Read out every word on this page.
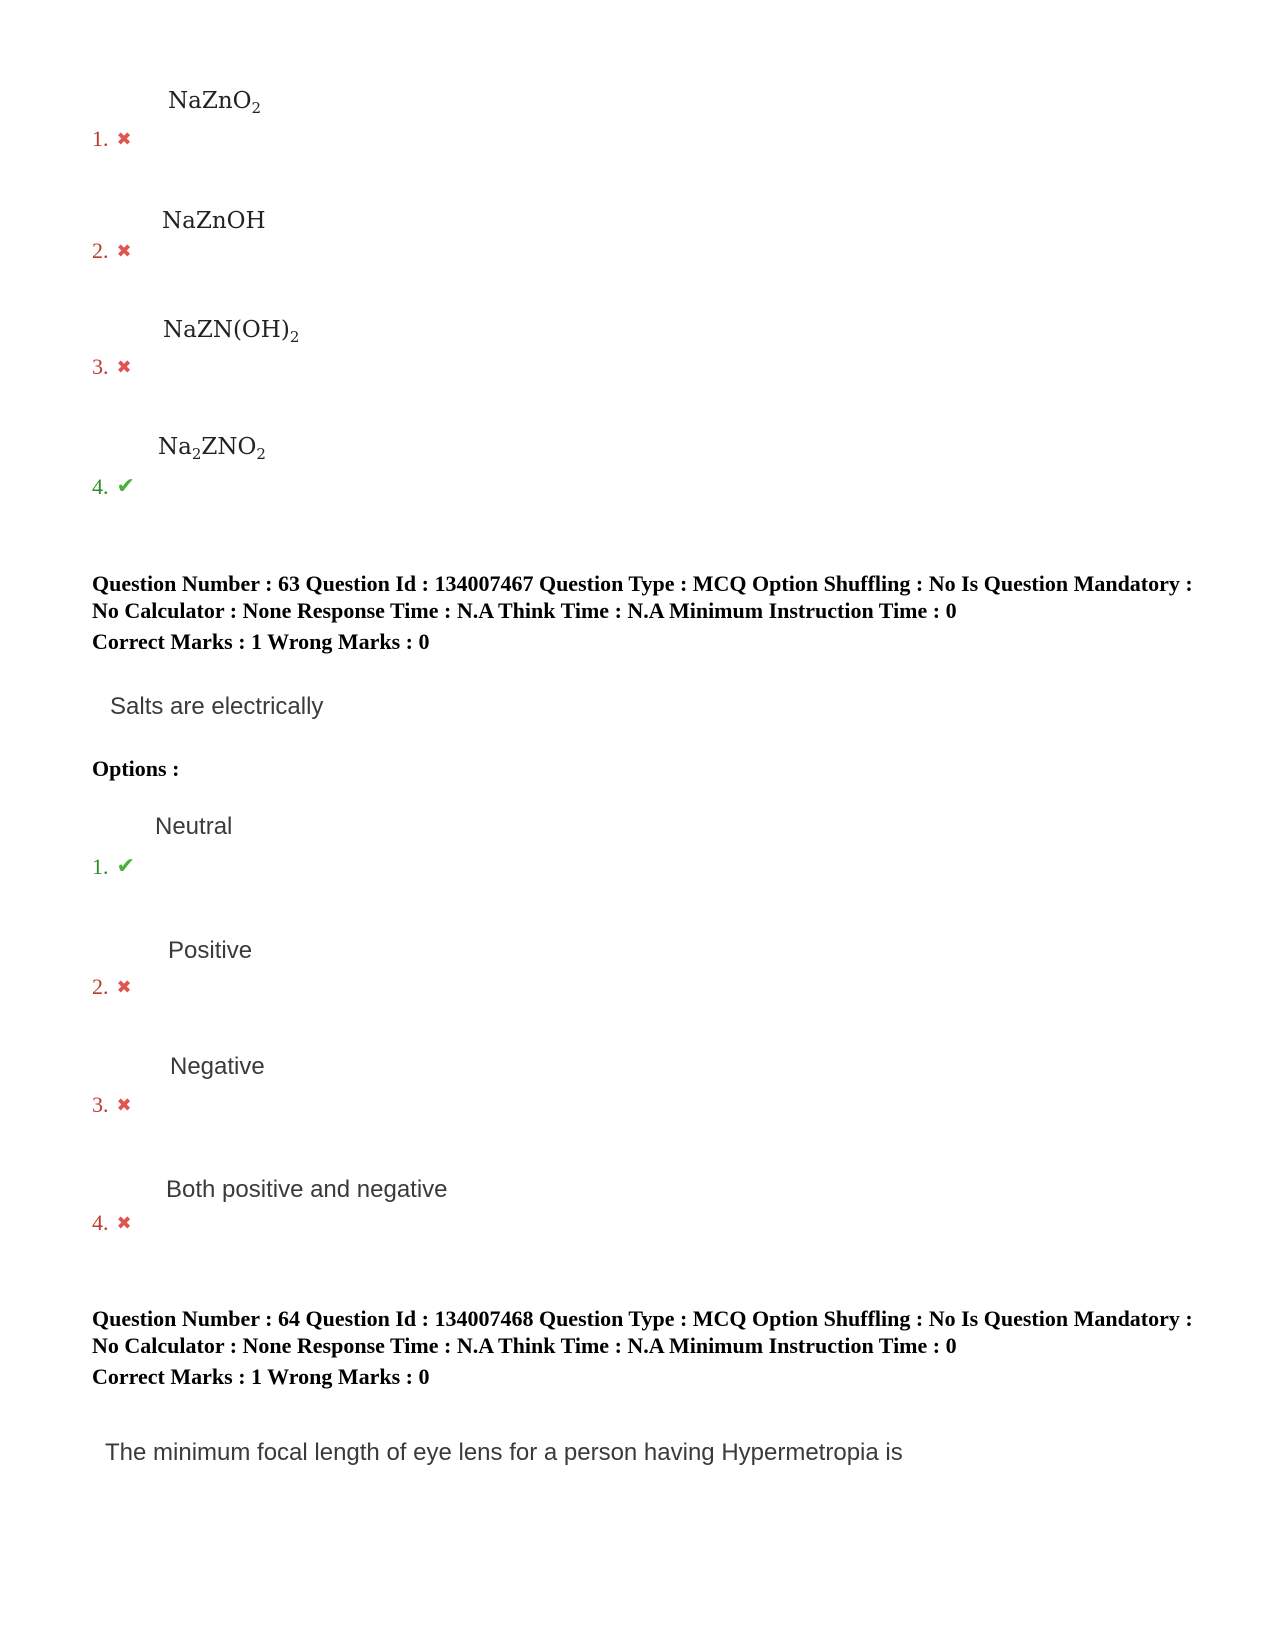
NaZnO$_2$
1. ✖
NaZnOH
2. ✖
$NaZN(OH)_2$
3. ✖
$Na_2ZNO_2$
4. ✔
Question Number : 63 Question Id : 134007467 Question Type : MCQ Option Shuffling : No Is Question Mandatory : No Calculator : None Response Time : N.A Think Time : N.A Minimum Instruction Time : 0
Correct Marks : 1 Wrong Marks : 0
Salts are electrically
Options :
Neutral
1. ✔
Positive
2. ✖
Negative
3. ✖
Both positive and negative
4. ✖
Question Number : 64 Question Id : 134007468 Question Type : MCQ Option Shuffling : No Is Question Mandatory : No Calculator : None Response Time : N.A Think Time : N.A Minimum Instruction Time : 0
Correct Marks : 1 Wrong Marks : 0
The minimum focal length of eye lens for a person having Hypermetropia is
